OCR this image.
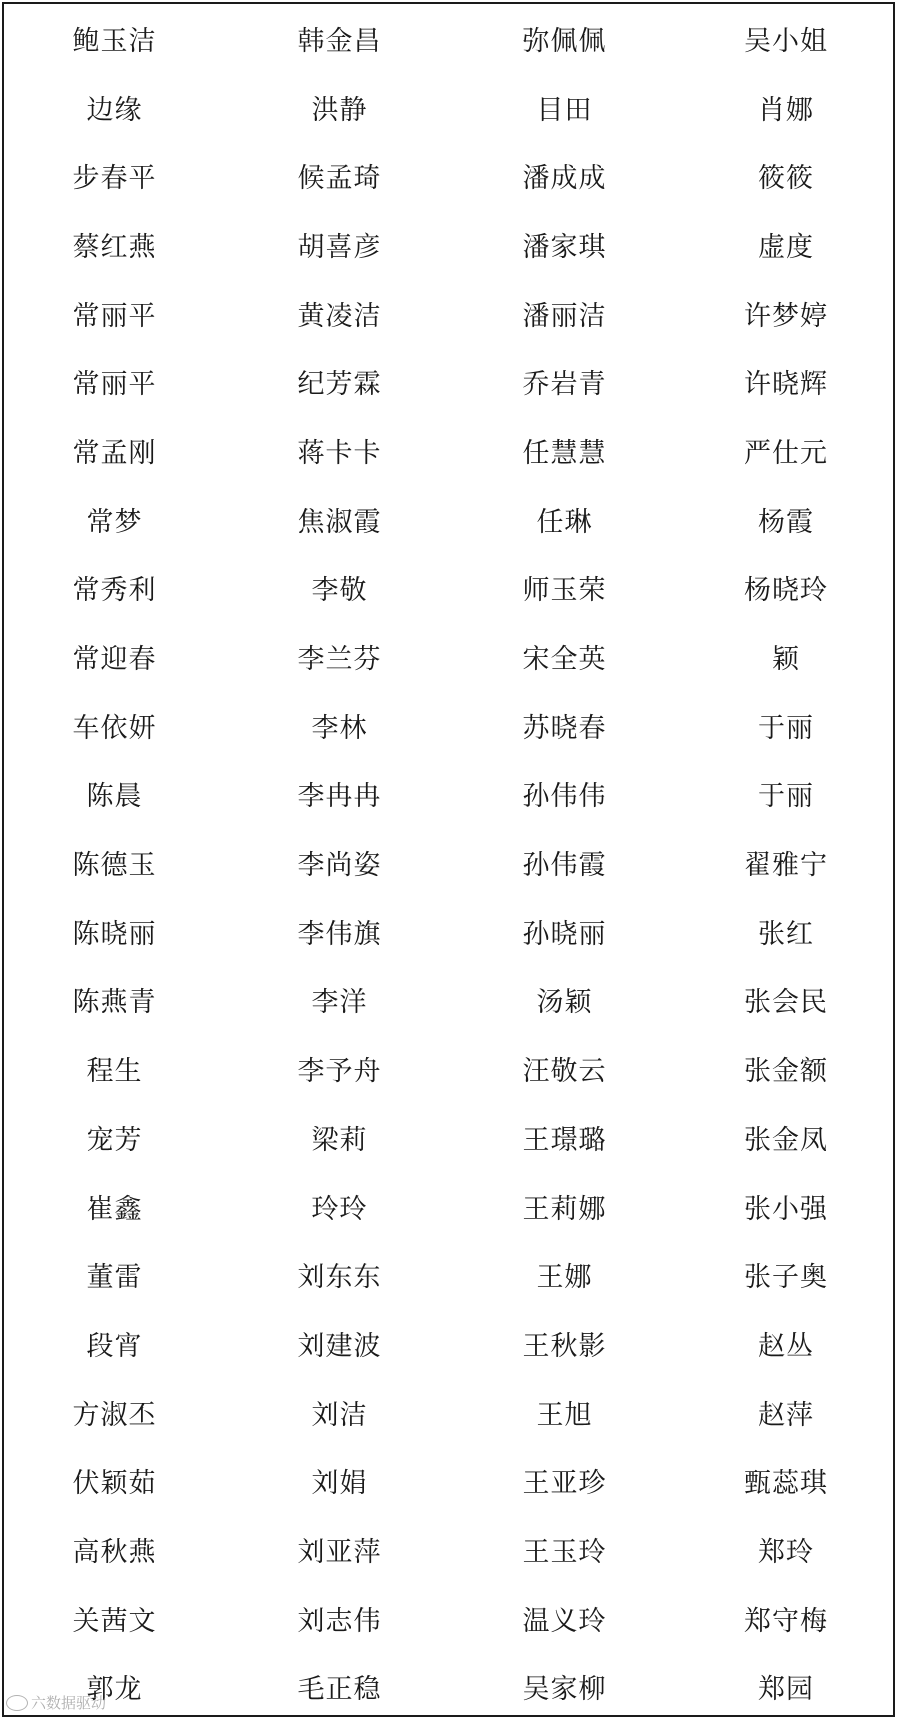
鲍玉洁	韩金昌	弥佩佩	吴小姐
边缘	洪静	目田	肖娜
步春平	候孟琦	潘成成	筱筱
蔡红燕	胡喜彦	潘家琪	虚度
常丽平	黄凌洁	潘丽洁	许梦婷
常丽平	纪芳霖	乔岩青	许晓辉
常孟刚	蒋卡卡	任慧慧	严仕元
常梦	焦淑霞	任琳	杨霞
常秀利	李敬	师玉荣	杨晓玲
常迎春	李兰芬	宋全英	颖
车依妍	李林	苏晓春	于丽
陈晨	李冉冉	孙伟伟	于丽
陈德玉	李尚姿	孙伟霞	翟雅宁
陈晓丽	李伟旗	孙晓丽	张红
陈燕青	李洋	汤颖	张会民
程生	李予舟	汪敬云	张金额
宠芳	梁莉	王璟璐	张金凤
崔鑫	玲玲	王莉娜	张小强
董雷	刘东东	王娜	张子奥
段宵	刘建波	王秋影	赵丛
方淑丕	刘洁	王旭	赵萍
伏颖茹	刘娟	王亚珍	甄蕊琪
高秋燕	刘亚萍	王玉玲	郑玲
关茜文	刘志伟	温义玲	郑守梅
郭龙	毛正稳	吴家柳	郑园
六数据驱动
